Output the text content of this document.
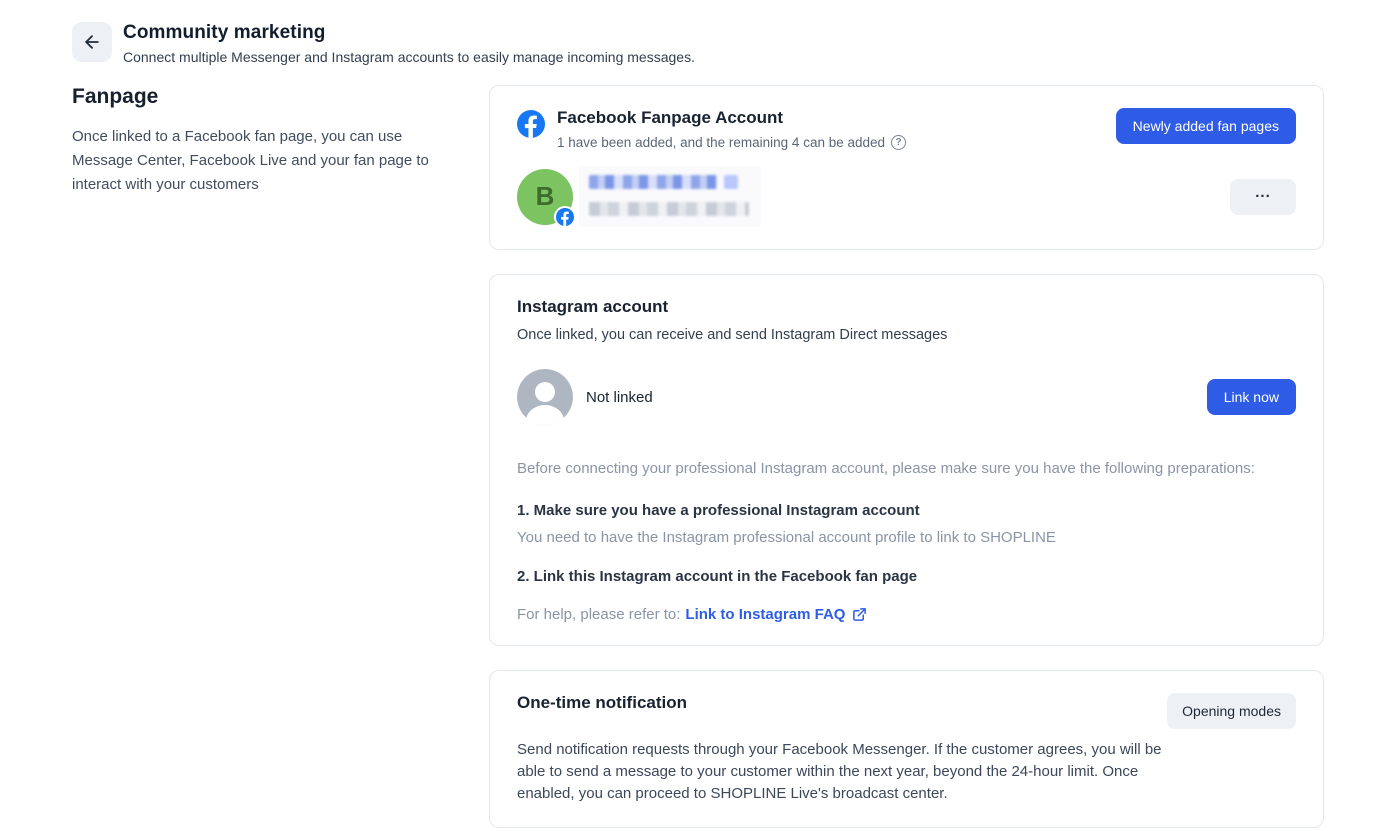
Community marketing
Connect multiple Messenger and Instagram accounts to easily manage incoming messages.
Fanpage
Once linked to a Facebook fan page, you can use Message Center, Facebook Live and your fan page to interact with your customers
Facebook Fanpage Account
1 have been added, and the remaining 4 can be added	?
Newly added fan pages
B	...
Instagram account
Once linked, you can receive and send Instagram Direct messages
Not linked	Link now
Before connecting your professional Instagram account, please make sure you have the following preparations:
1. Make sure you have a professional Instagram account
You need to have the Instagram professional account profile to link to SHOPLINE
2. Link this Instagram account in the Facebook fan page
For help, please refer to: Link to Instagram FAQ
One-time notification	Opening modes
Send notification requests through your Facebook Messenger. If the customer agrees, you will be able to send a message to your customer within the next year, beyond the 24-hour limit. Once enabled, you can proceed to SHOPLINE Live's broadcast center.
